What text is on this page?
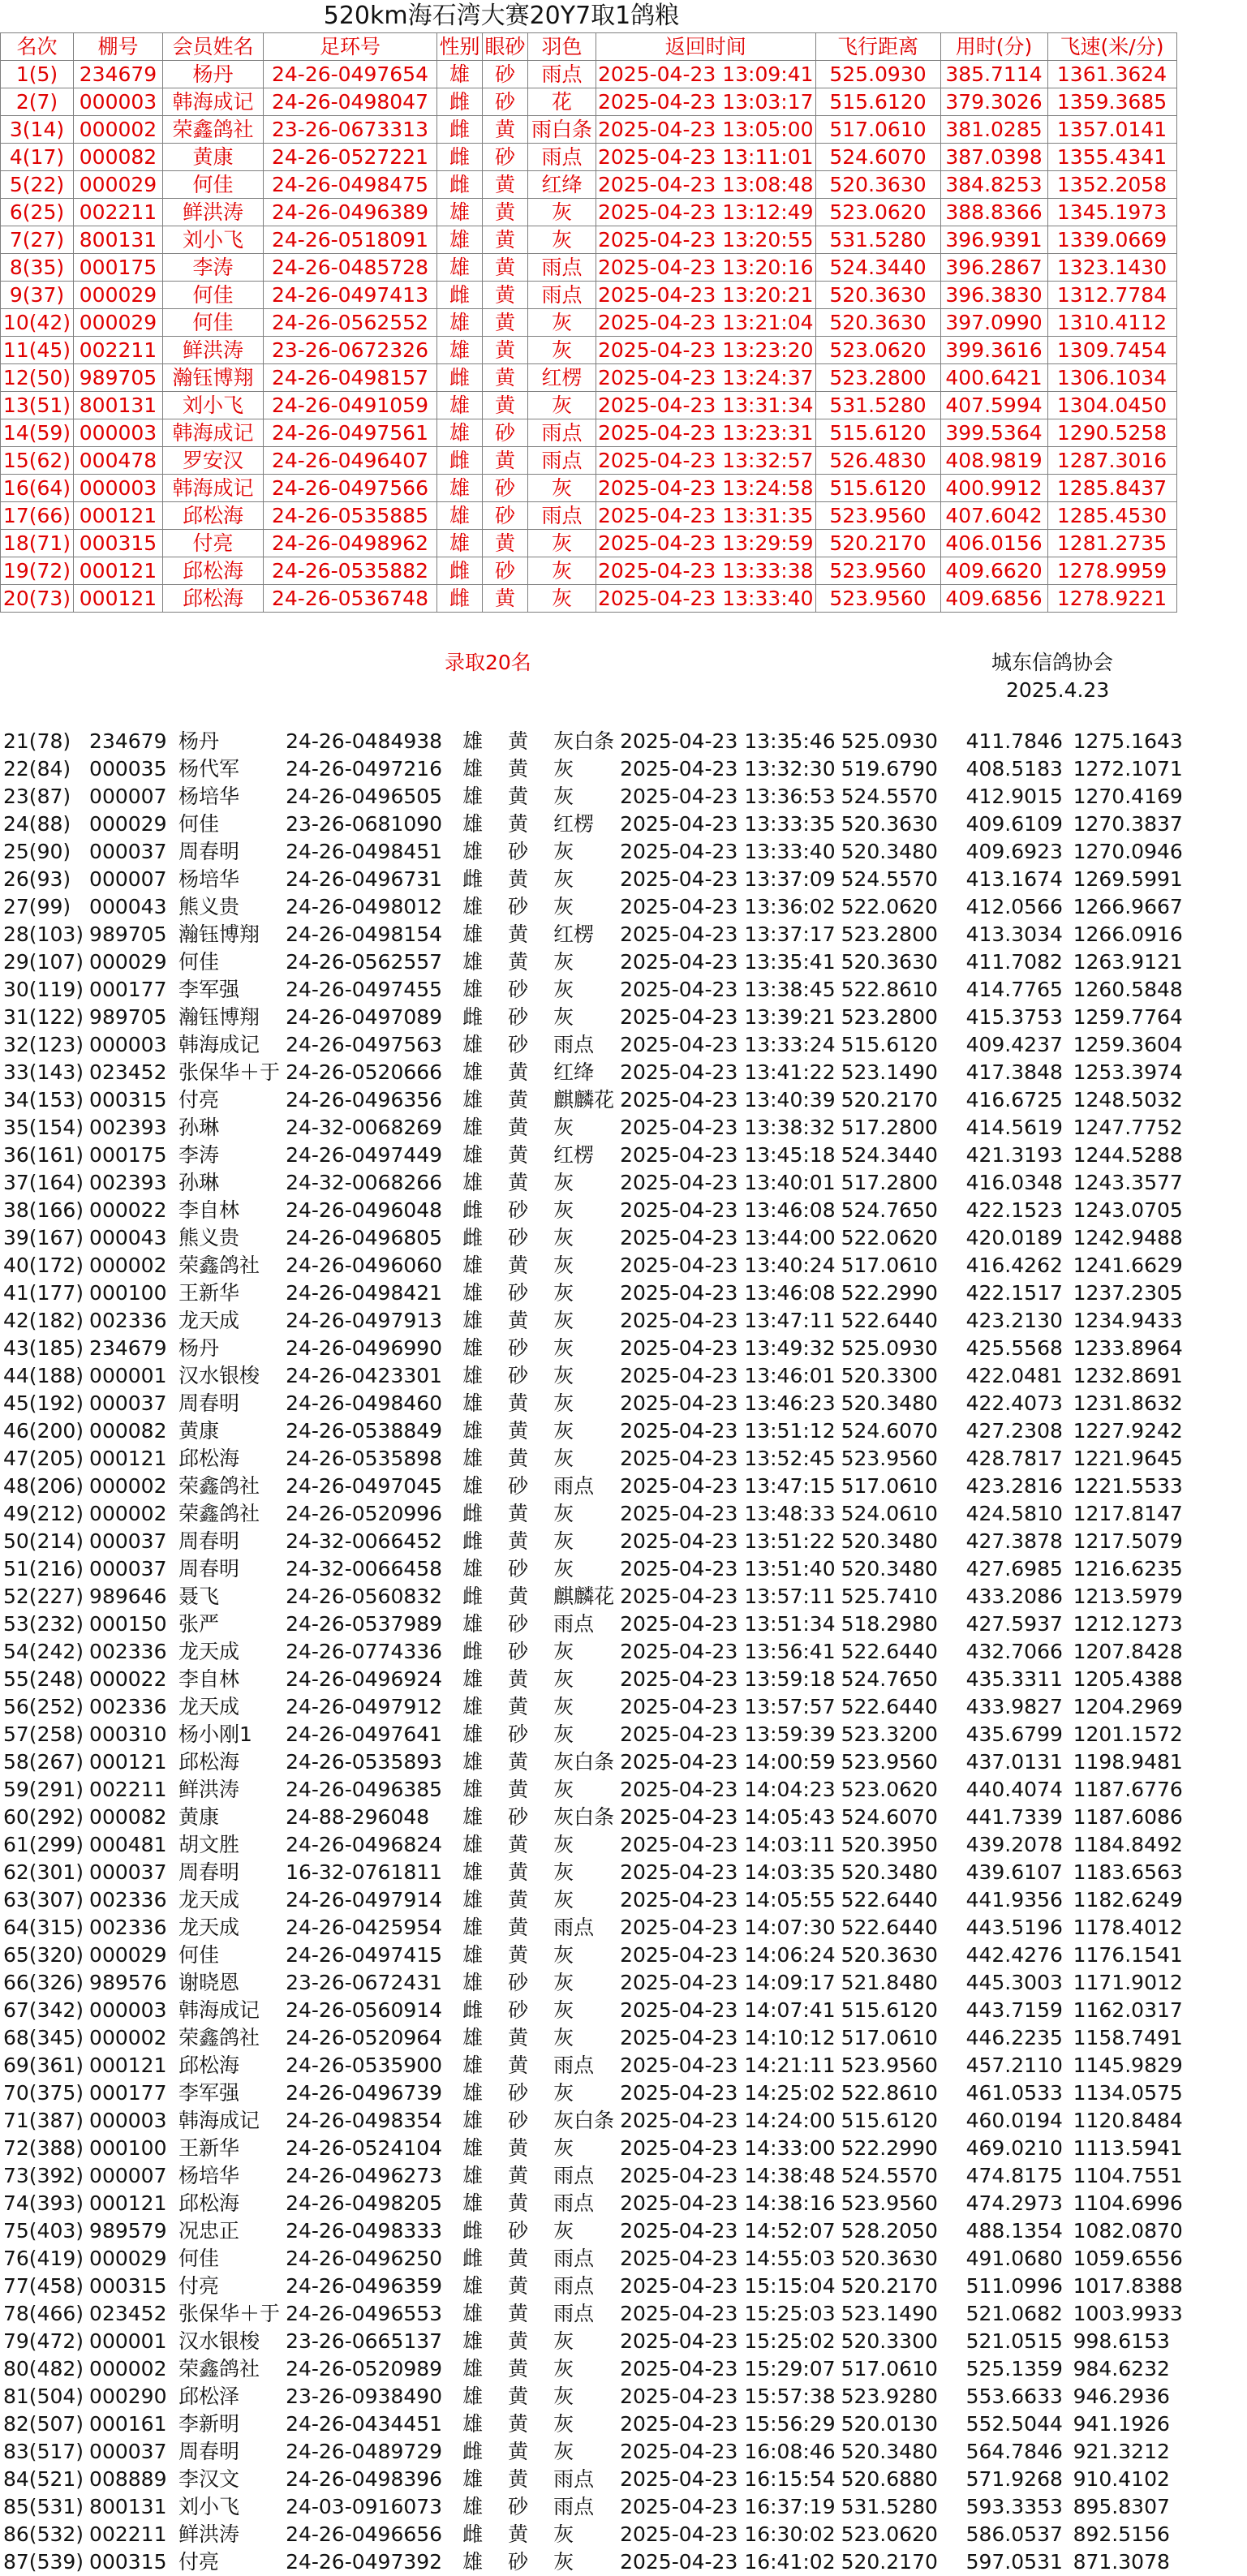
520km海石湾大赛20Y7取1鸽粮
名次	棚号	会员姓名	足环号	性别	眼砂	羽色	返回时间	飞行距离	用时(分)	飞速(米/分)
1(5)	234679	杨丹	24-26-0497654	雄	砂	雨点	2025-04-23 13:09:41	525.0930	385.7114	1361.3624
2(7)	000003	韩海成记	24-26-0498047	雌	砂	花	2025-04-23 13:03:17	515.6120	379.3026	1359.3685
3(14)	000002	荣鑫鸽社	23-26-0673313	雌	黄	雨白条	2025-04-23 13:05:00	517.0610	381.0285	1357.0141
4(17)	000082	黄康	24-26-0527221	雌	砂	雨点	2025-04-23 13:11:01	524.6070	387.0398	1355.4341
5(22)	000029	何佳	24-26-0498475	雌	黄	红绛	2025-04-23 13:08:48	520.3630	384.8253	1352.2058
6(25)	002211	鲜洪涛	24-26-0496389	雄	黄	灰	2025-04-23 13:12:49	523.0620	388.8366	1345.1973
7(27)	800131	刘小飞	24-26-0518091	雄	黄	灰	2025-04-23 13:20:55	531.5280	396.9391	1339.0669
8(35)	000175	李涛	24-26-0485728	雄	黄	雨点	2025-04-23 13:20:16	524.3440	396.2867	1323.1430
9(37)	000029	何佳	24-26-0497413	雌	黄	雨点	2025-04-23 13:20:21	520.3630	396.3830	1312.7784
10(42)	000029	何佳	24-26-0562552	雄	黄	灰	2025-04-23 13:21:04	520.3630	397.0990	1310.4112
11(45)	002211	鲜洪涛	23-26-0672326	雄	黄	灰	2025-04-23 13:23:20	523.0620	399.3616	1309.7454
12(50)	989705	瀚钰博翔	24-26-0498157	雌	黄	红楞	2025-04-23 13:24:37	523.2800	400.6421	1306.1034
13(51)	800131	刘小飞	24-26-0491059	雄	黄	灰	2025-04-23 13:31:34	531.5280	407.5994	1304.0450
14(59)	000003	韩海成记	24-26-0497561	雄	砂	雨点	2025-04-23 13:23:31	515.6120	399.5364	1290.5258
15(62)	000478	罗安汉	24-26-0496407	雌	黄	雨点	2025-04-23 13:32:57	526.4830	408.9819	1287.3016
16(64)	000003	韩海成记	24-26-0497566	雄	砂	灰	2025-04-23 13:24:58	515.6120	400.9912	1285.8437
17(66)	000121	邱松海	24-26-0535885	雄	砂	雨点	2025-04-23 13:31:35	523.9560	407.6042	1285.4530
18(71)	000315	付亮	24-26-0498962	雄	黄	灰	2025-04-23 13:29:59	520.2170	406.0156	1281.2735
19(72)	000121	邱松海	24-26-0535882	雌	砂	灰	2025-04-23 13:33:38	523.9560	409.6620	1278.9959
20(73)	000121	邱松海	24-26-0536748	雌	黄	灰	2025-04-23 13:33:40	523.9560	409.6856	1278.9221
录取20名	城东信鸽协会
2025.4.23
21(78)	234679	杨丹	24-26-0484938	雄	黄	灰白条	2025-04-23 13:35:46	525.0930	411.7846	1275.1643
22(84)	000035	杨代军	24-26-0497216	雄	黄	灰	2025-04-23 13:32:30	519.6790	408.5183	1272.1071
23(87)	000007	杨培华	24-26-0496505	雄	黄	灰	2025-04-23 13:36:53	524.5570	412.9015	1270.4169
24(88)	000029	何佳	23-26-0681090	雄	黄	红楞	2025-04-23 13:33:35	520.3630	409.6109	1270.3837
25(90)	000037	周春明	24-26-0498451	雄	砂	灰	2025-04-23 13:33:40	520.3480	409.6923	1270.0946
26(93)	000007	杨培华	24-26-0496731	雌	黄	灰	2025-04-23 13:37:09	524.5570	413.1674	1269.5991
27(99)	000043	熊义贵	24-26-0498012	雄	砂	灰	2025-04-23 13:36:02	522.0620	412.0566	1266.9667
28(103)	989705	瀚钰博翔	24-26-0498154	雄	黄	红楞	2025-04-23 13:37:17	523.2800	413.3034	1266.0916
29(107)	000029	何佳	24-26-0562557	雄	黄	灰	2025-04-23 13:35:41	520.3630	411.7082	1263.9121
30(119)	000177	李军强	24-26-0497455	雄	砂	灰	2025-04-23 13:38:45	522.8610	414.7765	1260.5848
31(122)	989705	瀚钰博翔	24-26-0497089	雌	砂	灰	2025-04-23 13:39:21	523.2800	415.3753	1259.7764
32(123)	000003	韩海成记	24-26-0497563	雄	砂	雨点	2025-04-23 13:33:24	515.6120	409.4237	1259.3604
33(143)	023452	张保华＋于	24-26-0520666	雄	黄	红绛	2025-04-23 13:41:22	523.1490	417.3848	1253.3974
34(153)	000315	付亮	24-26-0496356	雄	黄	麒麟花	2025-04-23 13:40:39	520.2170	416.6725	1248.5032
35(154)	002393	孙琳	24-32-0068269	雄	黄	灰	2025-04-23 13:38:32	517.2800	414.5619	1247.7752
36(161)	000175	李涛	24-26-0497449	雄	黄	红楞	2025-04-23 13:45:18	524.3440	421.3193	1244.5288
37(164)	002393	孙琳	24-32-0068266	雄	黄	灰	2025-04-23 13:40:01	517.2800	416.0348	1243.3577
38(166)	000022	李自林	24-26-0496048	雌	砂	灰	2025-04-23 13:46:08	524.7650	422.1523	1243.0705
39(167)	000043	熊义贵	24-26-0496805	雌	砂	灰	2025-04-23 13:44:00	522.0620	420.0189	1242.9488
40(172)	000002	荣鑫鸽社	24-26-0496060	雄	黄	灰	2025-04-23 13:40:24	517.0610	416.4262	1241.6629
41(177)	000100	王新华	24-26-0498421	雄	砂	灰	2025-04-23 13:46:08	522.2990	422.1517	1237.2305
42(182)	002336	龙天成	24-26-0497913	雄	黄	灰	2025-04-23 13:47:11	522.6440	423.2130	1234.9433
43(185)	234679	杨丹	24-26-0496990	雄	砂	灰	2025-04-23 13:49:32	525.0930	425.5568	1233.8964
44(188)	000001	汉水银梭	24-26-0423301	雄	砂	灰	2025-04-23 13:46:01	520.3300	422.0481	1232.8691
45(192)	000037	周春明	24-26-0498460	雄	黄	灰	2025-04-23 13:46:23	520.3480	422.4073	1231.8632
46(200)	000082	黄康	24-26-0538849	雄	黄	灰	2025-04-23 13:51:12	524.6070	427.2308	1227.9242
47(205)	000121	邱松海	24-26-0535898	雄	黄	灰	2025-04-23 13:52:45	523.9560	428.7817	1221.9645
48(206)	000002	荣鑫鸽社	24-26-0497045	雄	砂	雨点	2025-04-23 13:47:15	517.0610	423.2816	1221.5533
49(212)	000002	荣鑫鸽社	24-26-0520996	雌	黄	灰	2025-04-23 13:48:33	524.0610	424.5810	1217.8147
50(214)	000037	周春明	24-32-0066452	雌	黄	灰	2025-04-23 13:51:22	520.3480	427.3878	1217.5079
51(216)	000037	周春明	24-32-0066458	雄	砂	灰	2025-04-23 13:51:40	520.3480	427.6985	1216.6235
52(227)	989646	聂飞	24-26-0560832	雌	黄	麒麟花	2025-04-23 13:57:11	525.7410	433.2086	1213.5979
53(232)	000150	张严	24-26-0537989	雄	砂	雨点	2025-04-23 13:51:34	518.2980	427.5937	1212.1273
54(242)	002336	龙天成	24-26-0774336	雌	砂	灰	2025-04-23 13:56:41	522.6440	432.7066	1207.8428
55(248)	000022	李自林	24-26-0496924	雄	黄	灰	2025-04-23 13:59:18	524.7650	435.3311	1205.4388
56(252)	002336	龙天成	24-26-0497912	雄	黄	灰	2025-04-23 13:57:57	522.6440	433.9827	1204.2969
57(258)	000310	杨小刚1	24-26-0497641	雄	砂	灰	2025-04-23 13:59:39	523.3200	435.6799	1201.1572
58(267)	000121	邱松海	24-26-0535893	雄	黄	灰白条	2025-04-23 14:00:59	523.9560	437.0131	1198.9481
59(291)	002211	鲜洪涛	24-26-0496385	雄	黄	灰	2025-04-23 14:04:23	523.0620	440.4074	1187.6776
60(292)	000082	黄康	24-88-296048	雄	砂	灰白条	2025-04-23 14:05:43	524.6070	441.7339	1187.6086
61(299)	000481	胡文胜	24-26-0496824	雄	黄	灰	2025-04-23 14:03:11	520.3950	439.2078	1184.8492
62(301)	000037	周春明	16-32-0761811	雄	黄	灰	2025-04-23 14:03:35	520.3480	439.6107	1183.6563
63(307)	002336	龙天成	24-26-0497914	雄	黄	灰	2025-04-23 14:05:55	522.6440	441.9356	1182.6249
64(315)	002336	龙天成	24-26-0425954	雄	黄	雨点	2025-04-23 14:07:30	522.6440	443.5196	1178.4012
65(320)	000029	何佳	24-26-0497415	雄	黄	灰	2025-04-23 14:06:24	520.3630	442.4276	1176.1541
66(326)	989576	谢晓恩	23-26-0672431	雄	砂	灰	2025-04-23 14:09:17	521.8480	445.3003	1171.9012
67(342)	000003	韩海成记	24-26-0560914	雌	砂	灰	2025-04-23 14:07:41	515.6120	443.7159	1162.0317
68(345)	000002	荣鑫鸽社	24-26-0520964	雄	黄	灰	2025-04-23 14:10:12	517.0610	446.2235	1158.7491
69(361)	000121	邱松海	24-26-0535900	雄	黄	雨点	2025-04-23 14:21:11	523.9560	457.2110	1145.9829
70(375)	000177	李军强	24-26-0496739	雄	砂	灰	2025-04-23 14:25:02	522.8610	461.0533	1134.0575
71(387)	000003	韩海成记	24-26-0498354	雄	砂	灰白条	2025-04-23 14:24:00	515.6120	460.0194	1120.8484
72(388)	000100	王新华	24-26-0524104	雄	黄	灰	2025-04-23 14:33:00	522.2990	469.0210	1113.5941
73(392)	000007	杨培华	24-26-0496273	雄	黄	雨点	2025-04-23 14:38:48	524.5570	474.8175	1104.7551
74(393)	000121	邱松海	24-26-0498205	雄	黄	雨点	2025-04-23 14:38:16	523.9560	474.2973	1104.6996
75(403)	989579	况忠正	24-26-0498333	雌	砂	灰	2025-04-23 14:52:07	528.2050	488.1354	1082.0870
76(419)	000029	何佳	24-26-0496250	雌	黄	雨点	2025-04-23 14:55:03	520.3630	491.0680	1059.6556
77(458)	000315	付亮	24-26-0496359	雄	黄	雨点	2025-04-23 15:15:04	520.2170	511.0996	1017.8388
78(466)	023452	张保华＋于	24-26-0496553	雄	黄	雨点	2025-04-23 15:25:03	523.1490	521.0682	1003.9933
79(472)	000001	汉水银梭	23-26-0665137	雄	黄	灰	2025-04-23 15:25:02	520.3300	521.0515	998.6153
80(482)	000002	荣鑫鸽社	24-26-0520989	雄	黄	灰	2025-04-23 15:29:07	517.0610	525.1359	984.6232
81(504)	000290	邱松泽	23-26-0938490	雄	黄	灰	2025-04-23 15:57:38	523.9280	553.6633	946.2936
82(507)	000161	李新明	24-26-0434451	雄	黄	灰	2025-04-23 15:56:29	520.0130	552.5044	941.1926
83(517)	000037	周春明	24-26-0489729	雌	黄	灰	2025-04-23 16:08:46	520.3480	564.7846	921.3212
84(521)	008889	李汉文	24-26-0498396	雄	黄	雨点	2025-04-23 16:15:54	520.6880	571.9268	910.4102
85(531)	800131	刘小飞	24-03-0916073	雄	砂	雨点	2025-04-23 16:37:19	531.5280	593.3353	895.8307
86(532)	002211	鲜洪涛	24-26-0496656	雌	黄	灰	2025-04-23 16:30:02	523.0620	586.0537	892.5156
87(539)	000315	付亮	24-26-0497392	雄	砂	灰	2025-04-23 16:41:02	520.2170	597.0531	871.3078
